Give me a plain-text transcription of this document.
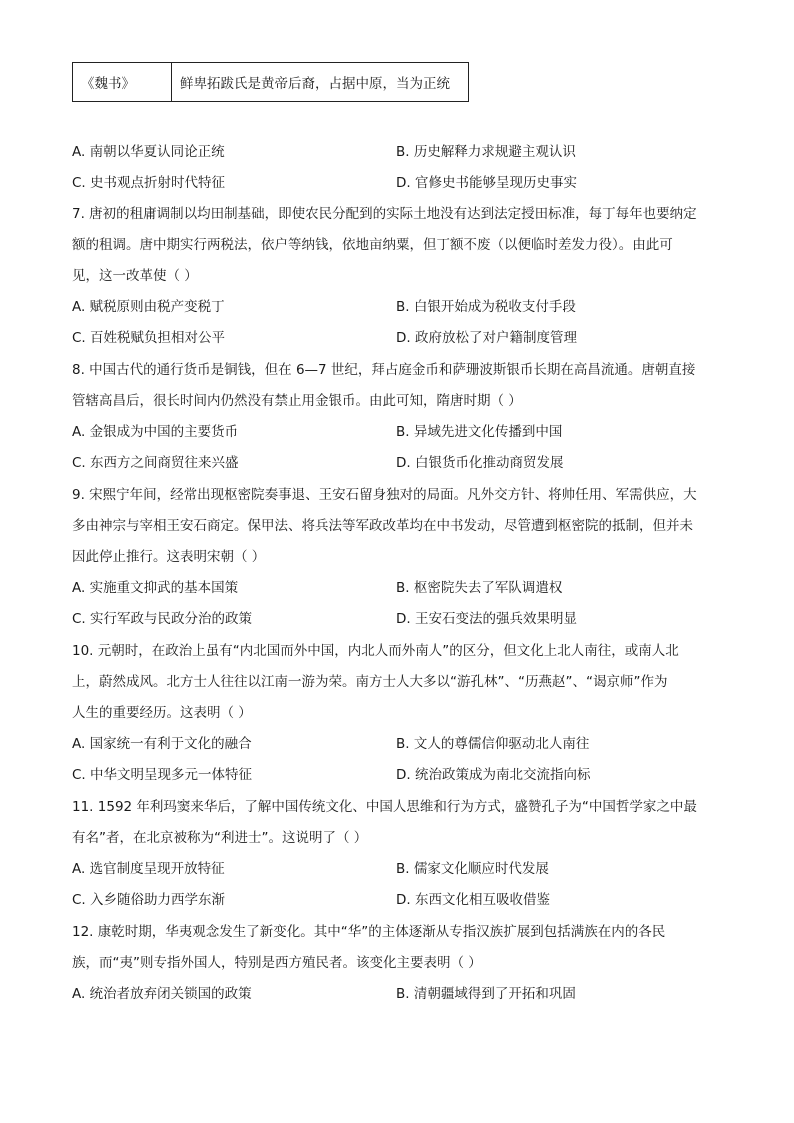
《魏书》	鲜卑拓跋氏是黄帝后裔，占据中原，当为正统
A. 南朝以华夏认同论正统	B. 历史解释力求规避主观认识
C. 史书观点折射时代特征	D. 官修史书能够呈现历史事实
7. 唐初的租庸调制以均田制基础，即使农民分配到的实际土地没有达到法定授田标准，每丁每年也要纳定
额的租调。唐中期实行两税法，依户等纳钱，依地亩纳粟，但丁额不废（以便临时差发力役）。由此可
见，这一改革使（ ）
A. 赋税原则由税产变税丁	B. 白银开始成为税收支付手段
C. 百姓税赋负担相对公平	D. 政府放松了对户籍制度管理
8. 中国古代的通行货币是铜钱，但在 6—7 世纪，拜占庭金币和萨珊波斯银币长期在高昌流通。唐朝直接
管辖高昌后，很长时间内仍然没有禁止用金银币。由此可知，隋唐时期（ ）
A. 金银成为中国的主要货币	B. 异域先进文化传播到中国
C. 东西方之间商贸往来兴盛	D. 白银货币化推动商贸发展
9. 宋熙宁年间，经常出现枢密院奏事退、王安石留身独对的局面。凡外交方针、将帅任用、军需供应，大
多由神宗与宰相王安石商定。保甲法、将兵法等军政改革均在中书发动，尽管遭到枢密院的抵制，但并未
因此停止推行。这表明宋朝（ ）
A. 实施重文抑武的基本国策	B. 枢密院失去了军队调遣权
C. 实行军政与民政分治的政策	D. 王安石变法的强兵效果明显
10. 元朝时，在政治上虽有“内北国而外中国，内北人而外南人”的区分，但文化上北人南往，或南人北
上，蔚然成风。北方士人往往以江南一游为荣。南方士人大多以“游孔林”、“历燕赵”、“谒京师”作为
人生的重要经历。这表明（ ）
A. 国家统一有利于文化的融合	B. 文人的尊儒信仰驱动北人南往
C. 中华文明呈现多元一体特征	D. 统治政策成为南北交流指向标
11. 1592 年利玛窦来华后，了解中国传统文化、中国人思维和行为方式，盛赞孔子为“中国哲学家之中最
有名”者，在北京被称为“利进士”。这说明了（ ）
A. 选官制度呈现开放特征	B. 儒家文化顺应时代发展
C. 入乡随俗助力西学东渐	D. 东西文化相互吸收借鉴
12. 康乾时期，华夷观念发生了新变化。其中“华”的主体逐渐从专指汉族扩展到包括满族在内的各民
族，而“夷”则专指外国人，特别是西方殖民者。该变化主要表明（ ）
A. 统治者放弃闭关锁国的政策	B. 清朝疆域得到了开拓和巩固
